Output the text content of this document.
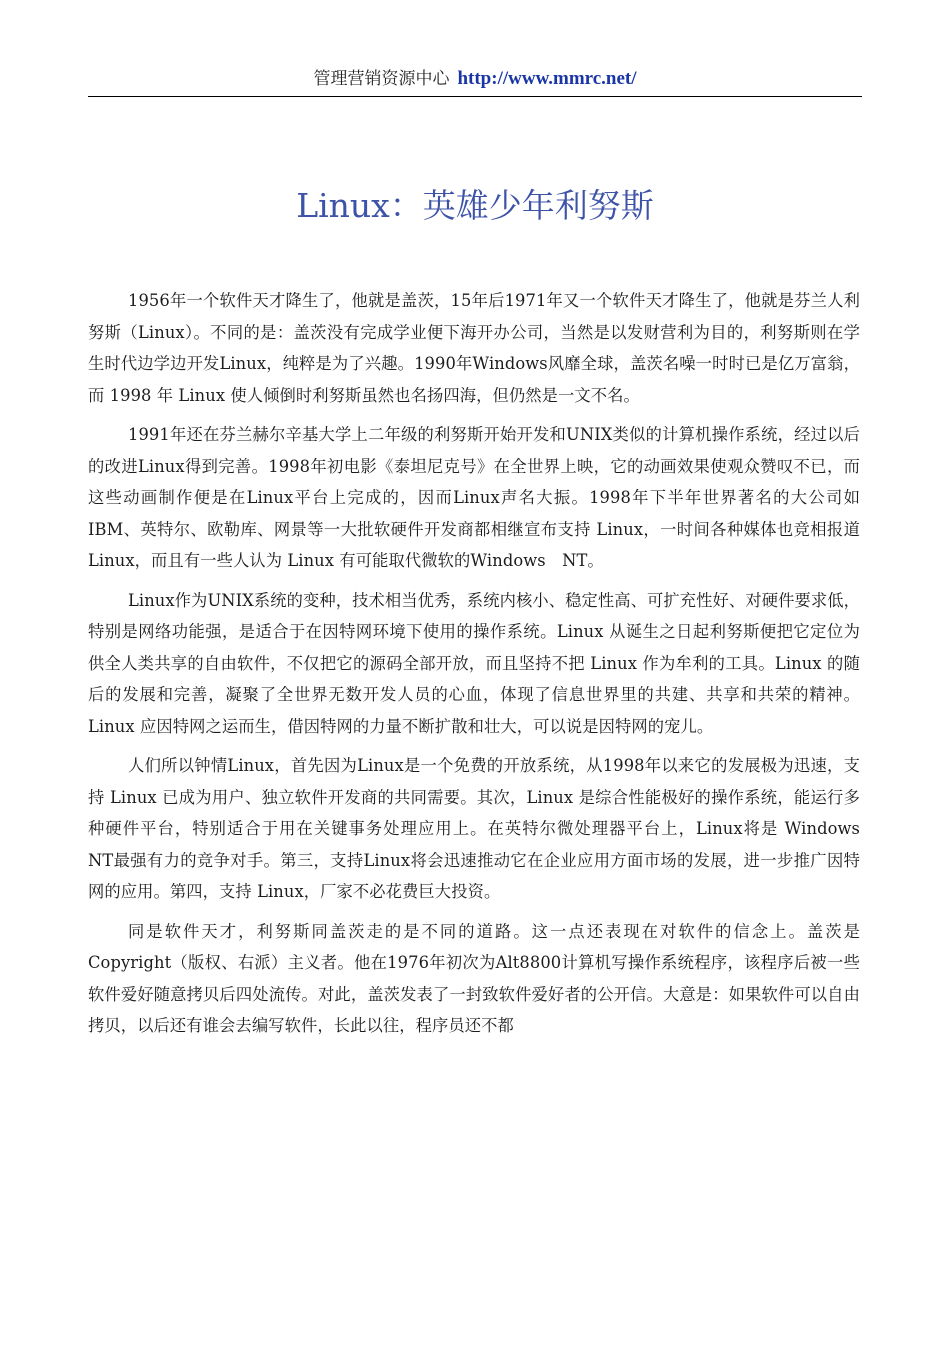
管理营销资源中心 http://www.mmrc.net/
Linux：英雄少年利努斯

1956年一个软件天才降生了，他就是盖茨，15年后1971年又一个软件天才降生了，他就是芬兰人利努斯（Linux）。不同的是：盖茨没有完成学业便下海开办公司，当然是以发财营利为目的，利努斯则在学生时代边学边开发Linux，纯粹是为了兴趣。1990年Windows风靡全球，盖茨名噪一时时已是亿万富翁，而 1998 年 Linux 使人倾倒时利努斯虽然也名扬四海，但仍然是一文不名。

1991年还在芬兰赫尔辛基大学上二年级的利努斯开始开发和UNIX类似的计算机操作系统，经过以后的改进Linux得到完善。1998年初电影《泰坦尼克号》在全世界上映，它的动画效果使观众赞叹不已，而这些动画制作便是在Linux平台上完成的，因而Linux声名大振。1998年下半年世界著名的大公司如IBM、英特尔、欧勒库、网景等一大批软硬件开发商都相继宣布支持 Linux，一时间各种媒体也竞相报道 Linux，而且有一些人认为 Linux 有可能取代微软的Windows　NT。

Linux作为UNIX系统的变种，技术相当优秀，系统内核小、稳定性高、可扩充性好、对硬件要求低，特别是网络功能强，是适合于在因特网环境下使用的操作系统。Linux 从诞生之日起利努斯便把它定位为供全人类共享的自由软件，不仅把它的源码全部开放，而且坚持不把 Linux 作为牟利的工具。Linux 的随后的发展和完善，凝聚了全世界无数开发人员的心血，体现了信息世界里的共建、共享和共荣的精神。Linux 应因特网之运而生，借因特网的力量不断扩散和壮大，可以说是因特网的宠儿。

人们所以钟情Linux，首先因为Linux是一个免费的开放系统，从1998年以来它的发展极为迅速，支持 Linux 已成为用户、独立软件开发商的共同需要。其次，Linux 是综合性能极好的操作系统，能运行多种硬件平台，特别适合于用在关键事务处理应用上。在英特尔微处理器平台上，Linux将是 Windows　NT最强有力的竞争对手。第三，支持Linux将会迅速推动它在企业应用方面市场的发展，进一步推广因特网的应用。第四，支持 Linux，厂家不必花费巨大投资。

同是软件天才，利努斯同盖茨走的是不同的道路。这一点还表现在对软件的信念上。盖茨是Copyright（版权、右派）主义者。他在1976年初次为Alt8800计算机写操作系统程序，该程序后被一些软件爱好随意拷贝后四处流传。对此，盖茨发表了一封致软件爱好者的公开信。大意是：如果软件可以自由拷贝，以后还有谁会去编写软件，长此以往，程序员还不都
